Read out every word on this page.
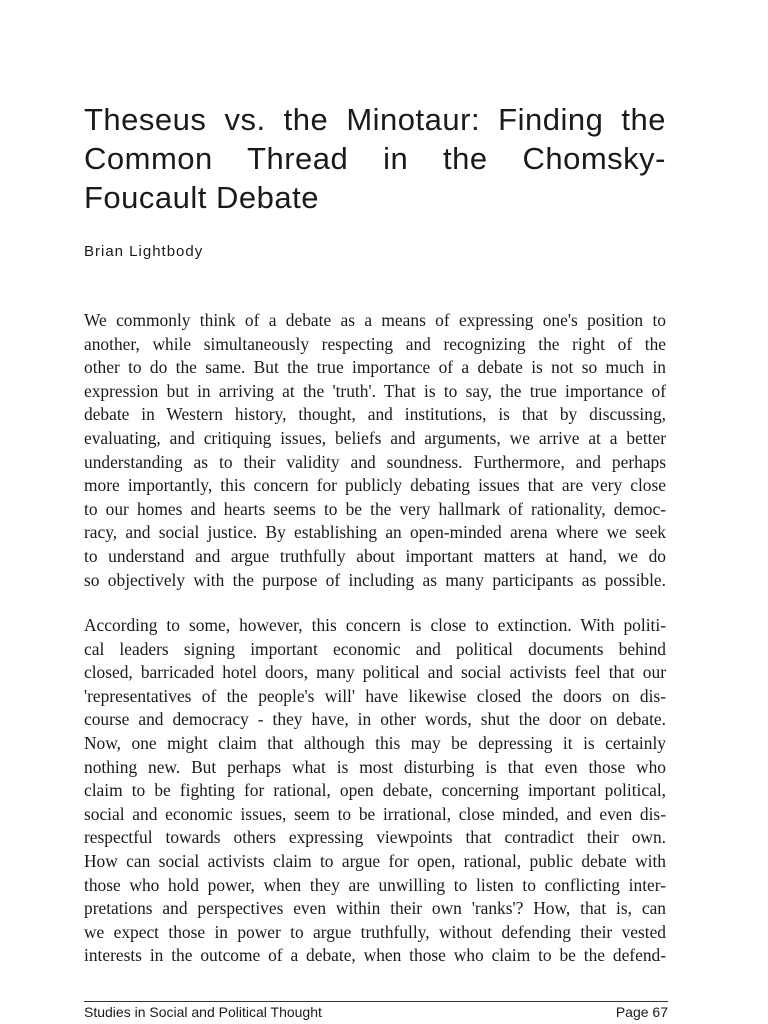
Theseus vs. the Minotaur: Finding the
Common Thread in the Chomsky-
Foucault Debate
Brian Lightbody
We commonly think of a debate as a means of expressing one's position to
another, while simultaneously respecting and recognizing the right of the
other to do the same. But the true importance of a debate is not so much in
expression but in arriving at the 'truth'. That is to say, the true importance of
debate in Western history, thought, and institutions, is that by discussing,
evaluating, and critiquing issues, beliefs and arguments, we arrive at a better
understanding as to their validity and soundness. Furthermore, and perhaps
more importantly, this concern for publicly debating issues that are very close
to our homes and hearts seems to be the very hallmark of rationality, democ-
racy, and social justice. By establishing an open-minded arena where we seek
to understand and argue truthfully about important matters at hand, we do
so objectively with the purpose of including as many participants as possible.
According to some, however, this concern is close to extinction. With politi-
cal leaders signing important economic and political documents behind
closed, barricaded hotel doors, many political and social activists feel that our
'representatives of the people's will' have likewise closed the doors on dis-
course and democracy - they have, in other words, shut the door on debate.
Now, one might claim that although this may be depressing it is certainly
nothing new. But perhaps what is most disturbing is that even those who
claim to be fighting for rational, open debate, concerning important political,
social and economic issues, seem to be irrational, close minded, and even dis-
respectful towards others expressing viewpoints that contradict their own.
How can social activists claim to argue for open, rational, public debate with
those who hold power, when they are unwilling to listen to conflicting inter-
pretations and perspectives even within their own 'ranks'? How, that is, can
we expect those in power to argue truthfully, without defending their vested
interests in the outcome of a debate, when those who claim to be the defend-
Studies in Social and Political Thought	Page 67
